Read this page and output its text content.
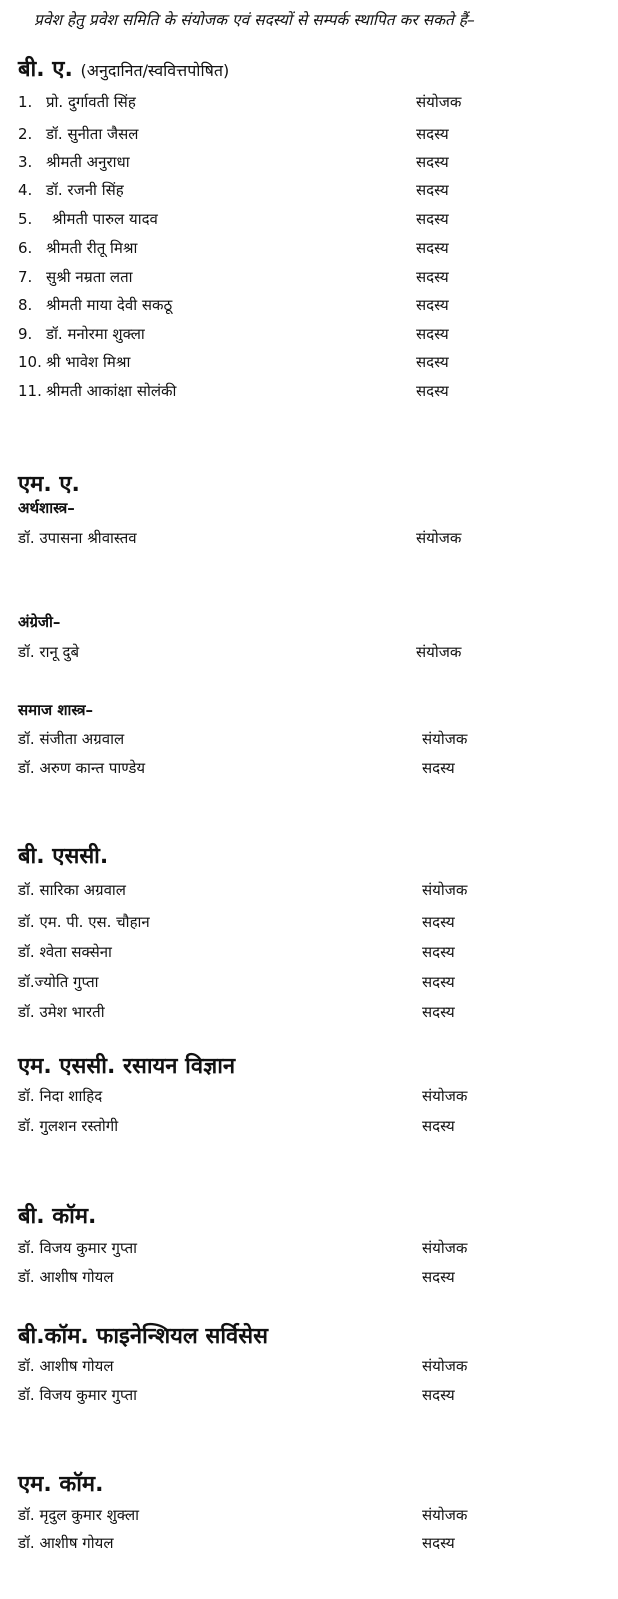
प्रवेश हेतु प्रवेश समिति के संयोजक एवं सदस्यों से सम्पर्क स्थापित कर सकते हैं–
बी. ए. (अनुदानित/स्ववित्तपोषित)
1. प्रो. दुर्गावती सिंह	संयोजक
2. डॉ. सुनीता जैसल	सदस्य
3. श्रीमती अनुराधा	सदस्य
4. डॉ. रजनी सिंह	सदस्य
5. श्रीमती पारुल यादव	सदस्य
6. श्रीमती रीतू मिश्रा	सदस्य
7. सुश्री नम्रता लता	सदस्य
8. श्रीमती माया देवी सकठू	सदस्य
9. डॉ. मनोरमा शुक्ला	सदस्य
10. श्री भावेश मिश्रा	सदस्य
11. श्रीमती आकांक्षा सोलंकी	सदस्य
एम. ए.
अर्थशास्त्र–
डॉ. उपासना श्रीवास्तव	संयोजक
अंग्रेजी–
डॉ. रानू दुबे	संयोजक
समाज शास्त्र–
डॉ. संजीता अग्रवाल	संयोजक
डॉ. अरुण कान्त पाण्डेय	सदस्य
बी. एससी.
डॉ. सारिका अग्रवाल	संयोजक
डॉ. एम. पी. एस. चौहान	सदस्य
डॉ. श्वेता सक्सेना	सदस्य
डॉ.ज्योति गुप्ता	सदस्य
डॉ. उमेश भारती	सदस्य
एम. एससी. रसायन विज्ञान
डॉ. निदा शाहिद	संयोजक
डॉ. गुलशन रस्तोगी	सदस्य
बी. कॉम.
डॉ. विजय कुमार गुप्ता	संयोजक
डॉ. आशीष गोयल	सदस्य
बी.कॉम. फाइनेन्शियल सर्विसेस
डॉ. आशीष गोयल	संयोजक
डॉ. विजय कुमार गुप्ता	सदस्य
एम. कॉम.
डॉ. मृदुल कुमार शुक्ला	संयोजक
डॉ. आशीष गोयल	सदस्य
